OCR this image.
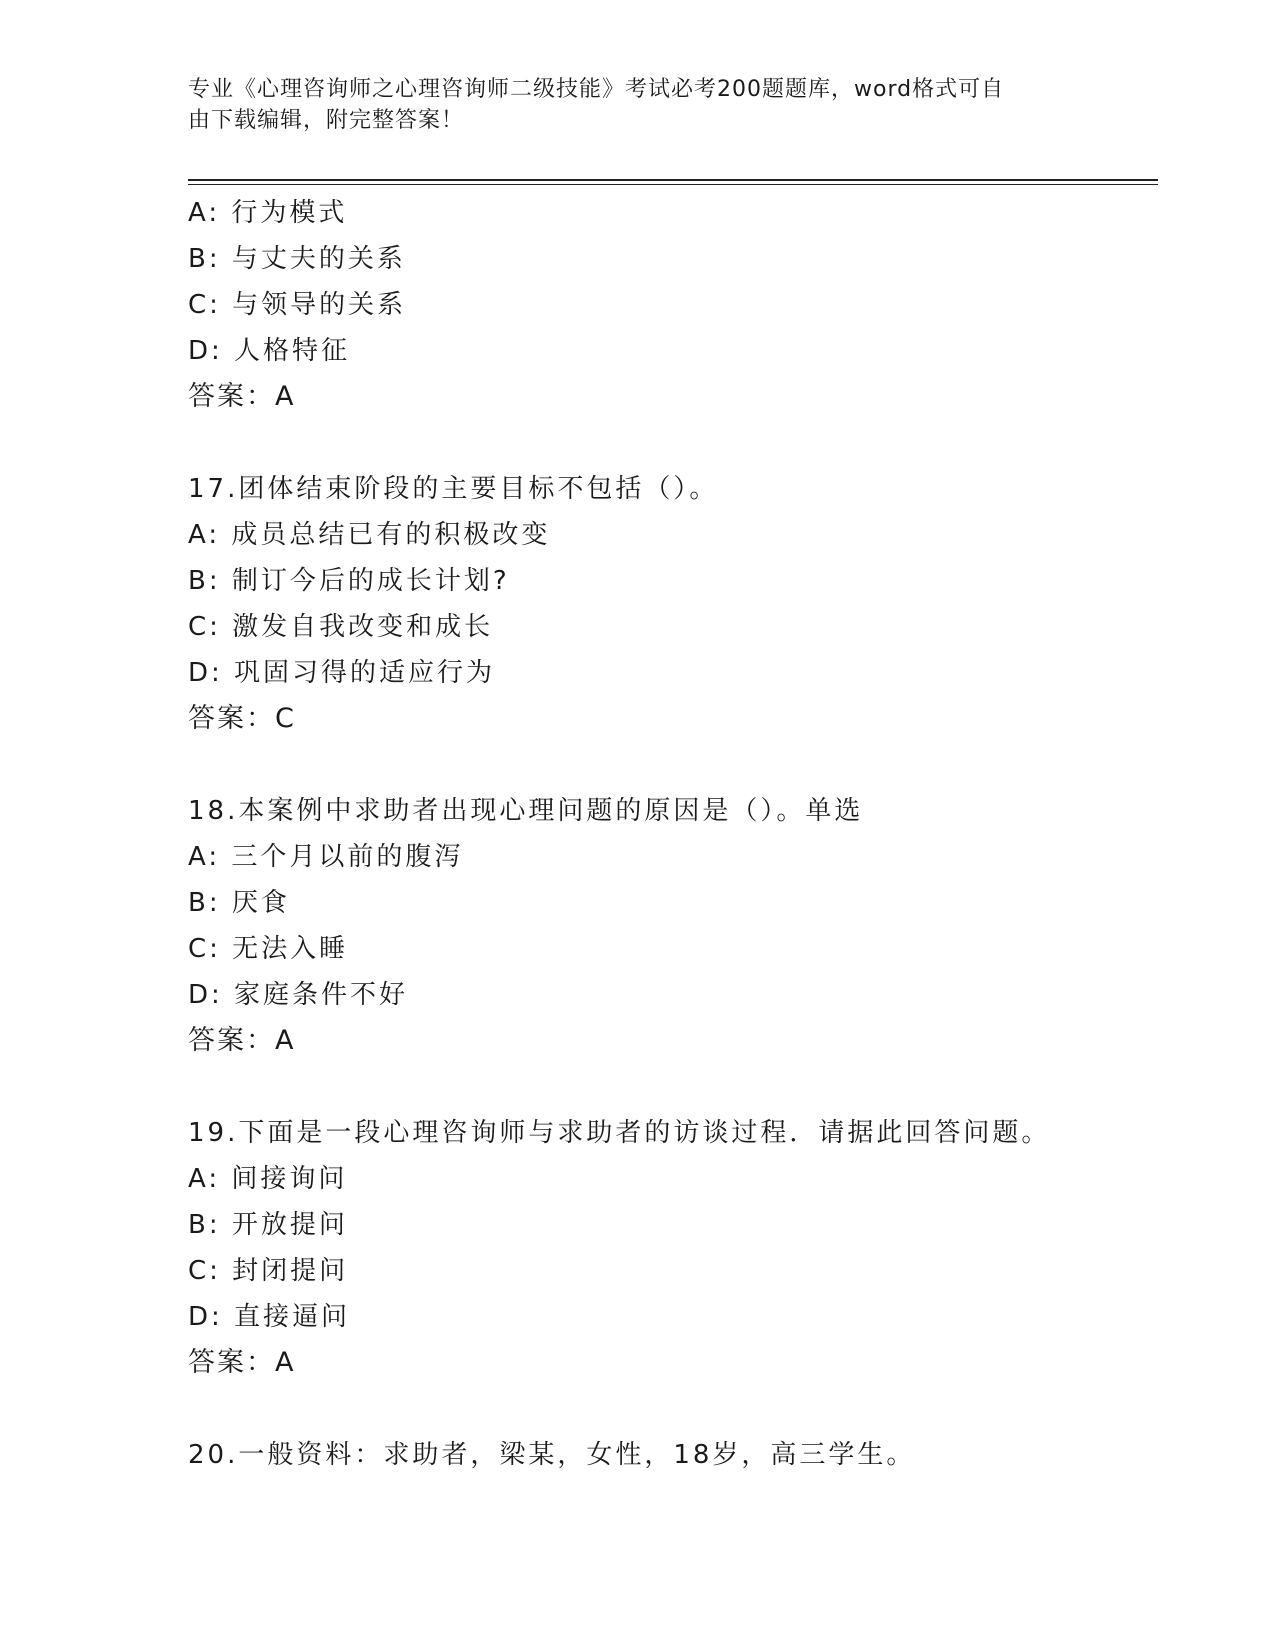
专业《心理咨询师之心理咨询师二级技能》考试必考200题题库，word格式可自
由下载编辑，附完整答案！
A: 行为模式
B: 与丈夫的关系
C: 与领导的关系
D: 人格特征
答案：A
17.团体结束阶段的主要目标不包括（）。
A: 成员总结已有的积极改变
B: 制订今后的成长计划?
C: 激发自我改变和成长
D: 巩固习得的适应行为
答案：C
18.本案例中求助者出现心理问题的原因是（）。单选
A: 三个月以前的腹泻
B: 厌食
C: 无法入睡
D: 家庭条件不好
答案：A
19.下面是一段心理咨询师与求助者的访谈过程．请据此回答问题。
A: 间接询问
B: 开放提问
C: 封闭提问
D: 直接逼问
答案：A
20.一般资料：求助者，梁某，女性，18岁，高三学生。
